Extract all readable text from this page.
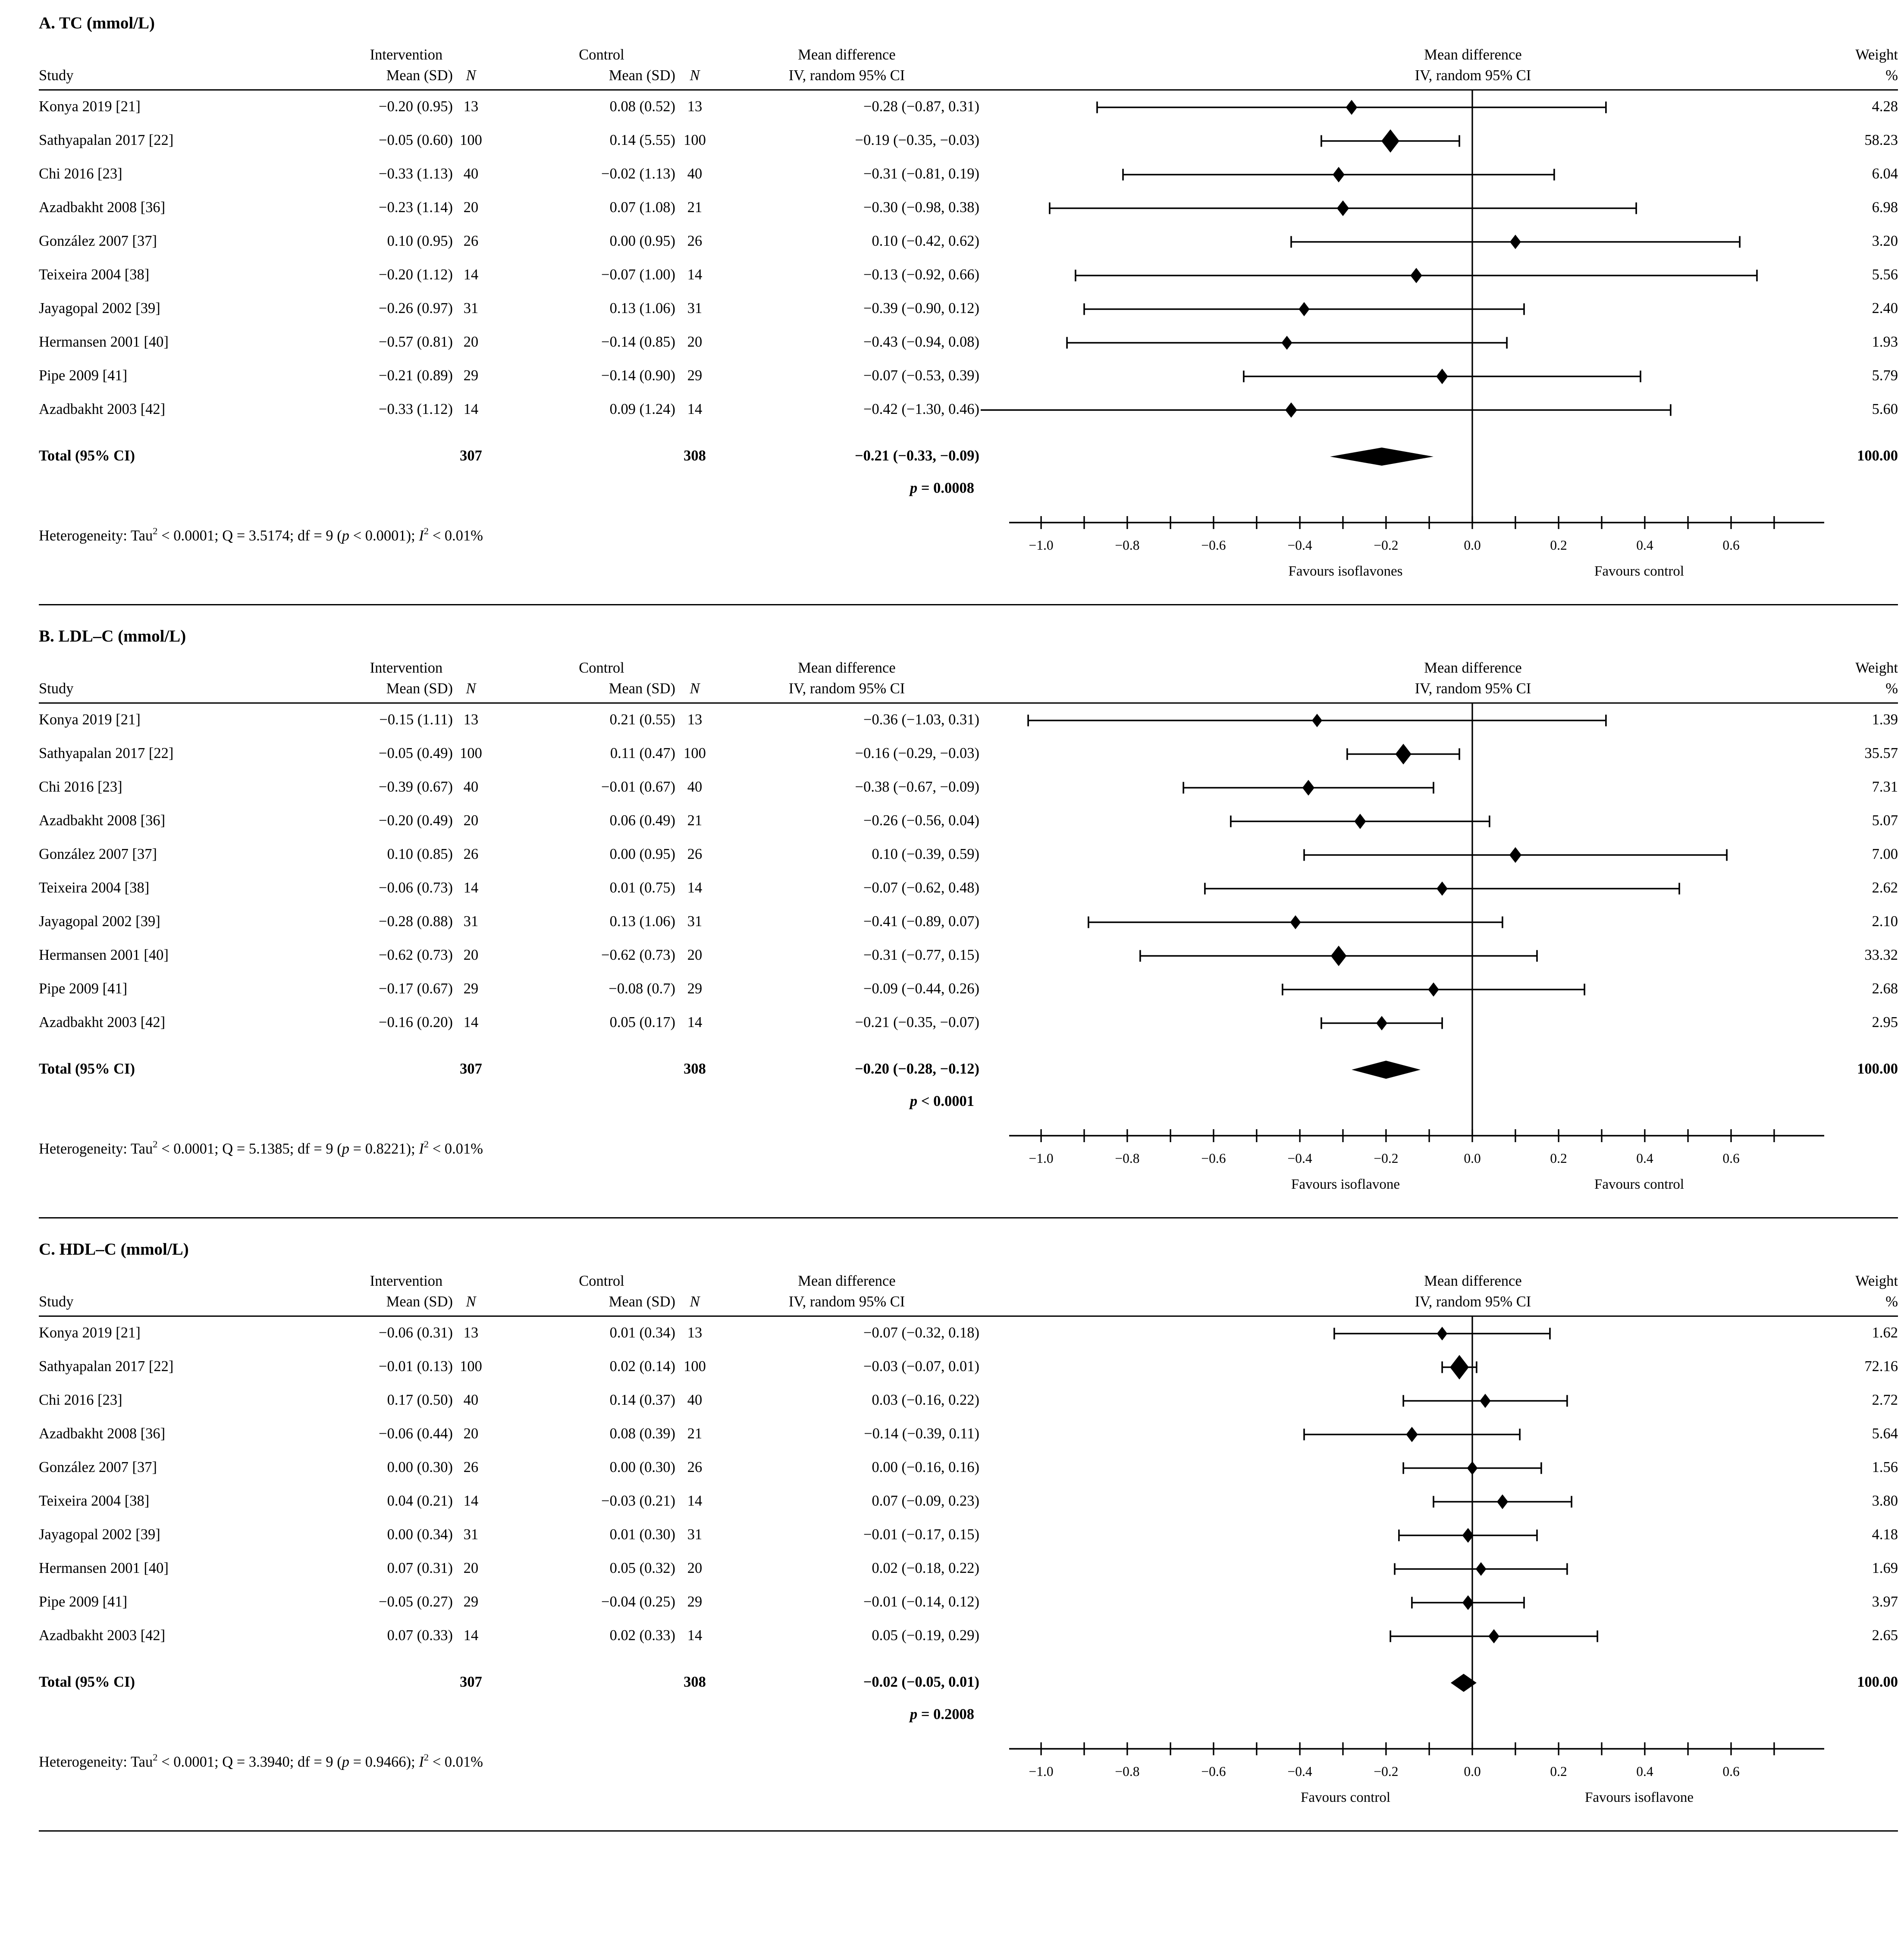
A. TC (mmol/L)
Study
Intervention
Mean (SD)	N
Control
Mean (SD)	N
Mean difference
IV, random 95% CI
Mean difference
IV, random 95% CI
Weight
%
Konya 2019 [21]	−0.20 (0.95)	13	0.08 (0.52)	13	−0.28 (−0.87, 0.31)	4.28
Sathyapalan 2017 [22]	−0.05 (0.60)	100	0.14 (5.55)	100	−0.19 (−0.35, −0.03)	58.23
Chi 2016 [23]	−0.33 (1.13)	40	−0.02 (1.13)	40	−0.31 (−0.81, 0.19)	6.04
Azadbakht 2008 [36]	−0.23 (1.14)	20	0.07 (1.08)	21	−0.30 (−0.98, 0.38)	6.98
González 2007 [37]	0.10 (0.95)	26	0.00 (0.95)	26	0.10 (−0.42, 0.62)	3.20
Teixeira 2004 [38]	−0.20 (1.12)	14	−0.07 (1.00)	14	−0.13 (−0.92, 0.66)	5.56
Jayagopal 2002 [39]	−0.26 (0.97)	31	0.13 (1.06)	31	−0.39 (−0.90, 0.12)	2.40
Hermansen 2001 [40]	−0.57 (0.81)	20	−0.14 (0.85)	20	−0.43 (−0.94, 0.08)	1.93
Pipe 2009 [41]	−0.21 (0.89)	29	−0.14 (0.90)	29	−0.07 (−0.53, 0.39)	5.79
Azadbakht 2003 [42]	−0.33 (1.12)	14	0.09 (1.24)	14	−0.42 (−1.30, 0.46)	5.60
Total (95% CI)	307	308	−0.21 (−0.33, −0.09)	100.00
p = 0.0008
Heterogeneity: Tau$^2$ < 0.0001; Q = 3.5174; df = 9 (p < 0.0001); $I^2 < 0.01\%$
−1.0	−0.8	−0.6	−0.4	−0.2	0.0	0.2	0.4	0.6
Favours isoflavones	Favours control
B. LDL–C (mmol/L)
Study
Intervention
Mean (SD)	N
Control
Mean (SD)	N
Mean difference
IV, random 95% CI
Mean difference
IV, random 95% CI
Weight
%
Konya 2019 [21]	−0.15 (1.11)	13	0.21 (0.55)	13	−0.36 (−1.03, 0.31)	1.39
Sathyapalan 2017 [22]	−0.05 (0.49)	100	0.11 (0.47)	100	−0.16 (−0.29, −0.03)	35.57
Chi 2016 [23]	−0.39 (0.67)	40	−0.01 (0.67)	40	−0.38 (−0.67, −0.09)	7.31
Azadbakht 2008 [36]	−0.20 (0.49)	20	0.06 (0.49)	21	−0.26 (−0.56, 0.04)	5.07
González 2007 [37]	0.10 (0.85)	26	0.00 (0.95)	26	0.10 (−0.39, 0.59)	7.00
Teixeira 2004 [38]	−0.06 (0.73)	14	0.01 (0.75)	14	−0.07 (−0.62, 0.48)	2.62
Jayagopal 2002 [39]	−0.28 (0.88)	31	0.13 (1.06)	31	−0.41 (−0.89, 0.07)	2.10
Hermansen 2001 [40]	−0.62 (0.73)	20	−0.62 (0.73)	20	−0.31 (−0.77, 0.15)	33.32
Pipe 2009 [41]	−0.17 (0.67)	29	−0.08 (0.7)	29	−0.09 (−0.44, 0.26)	2.68
Azadbakht 2003 [42]	−0.16 (0.20)	14	0.05 (0.17)	14	−0.21 (−0.35, −0.07)	2.95
Total (95% CI)	307	308	−0.20 (−0.28, −0.12)	100.00
p < 0.0001
Heterogeneity: Tau$^2$ < 0.0001; Q = 5.1385; df = 9 (p = 0.8221); $I^2 < 0.01\%$
−1.0	−0.8	−0.6	−0.4	−0.2	0.0	0.2	0.4	0.6
Favours isoflavone	Favours control
C. HDL–C (mmol/L)
Study
Intervention
Mean (SD)	N
Control
Mean (SD)	N
Mean difference
IV, random 95% CI
Mean difference
IV, random 95% CI
Weight
%
Konya 2019 [21]	−0.06 (0.31)	13	0.01 (0.34)	13	−0.07 (−0.32, 0.18)	1.62
Sathyapalan 2017 [22]	−0.01 (0.13)	100	0.02 (0.14)	100	−0.03 (−0.07, 0.01)	72.16
Chi 2016 [23]	0.17 (0.50)	40	0.14 (0.37)	40	0.03 (−0.16, 0.22)	2.72
Azadbakht 2008 [36]	−0.06 (0.44)	20	0.08 (0.39)	21	−0.14 (−0.39, 0.11)	5.64
González 2007 [37]	0.00 (0.30)	26	0.00 (0.30)	26	0.00 (−0.16, 0.16)	1.56
Teixeira 2004 [38]	0.04 (0.21)	14	−0.03 (0.21)	14	0.07 (−0.09, 0.23)	3.80
Jayagopal 2002 [39]	0.00 (0.34)	31	0.01 (0.30)	31	−0.01 (−0.17, 0.15)	4.18
Hermansen 2001 [40]	0.07 (0.31)	20	0.05 (0.32)	20	0.02 (−0.18, 0.22)	1.69
Pipe 2009 [41]	−0.05 (0.27)	29	−0.04 (0.25)	29	−0.01 (−0.14, 0.12)	3.97
Azadbakht 2003 [42]	0.07 (0.33)	14	0.02 (0.33)	14	0.05 (−0.19, 0.29)	2.65
Total (95% CI)	307	308	−0.02 (−0.05, 0.01)	100.00
p = 0.2008
Heterogeneity: Tau$^2$ < 0.0001; Q = 3.3940; df = 9 (p = 0.9466); $I^2 < 0.01\%$
−1.0	−0.8	−0.6	−0.4	−0.2	0.0	0.2	0.4	0.6
Favours control	Favours isoflavone
